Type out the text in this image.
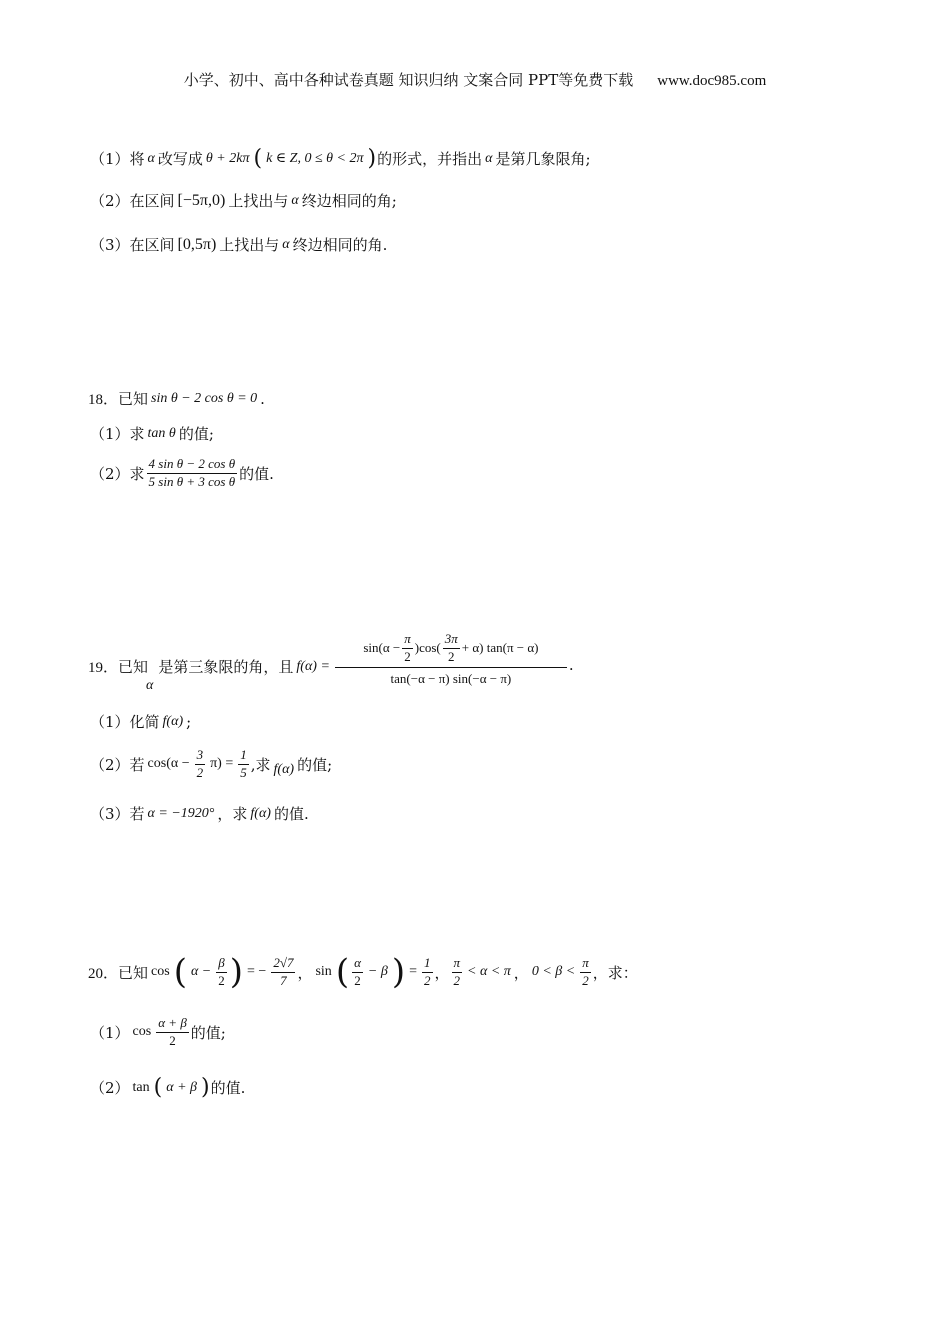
小学、初中、高中各种试卷真题 知识归纳 文案合同 PPT等免费下载 www.doc985.com
（1）将 α 改写成 θ + 2kπ ( k ∈ Z, 0 ≤ θ < 2π ) 的形式，并指出 α 是第几象限角;
（2）在区间 [−5π,0) 上找出与 α 终边相同的角;
（3）在区间 [0,5π) 上找出与 α 终边相同的角.
18．已知 sin θ − 2 cos θ = 0 .
（1）求 tan θ 的值;
（2）求 $\frac{\text{4 sin θ − 2 cos θ}}{\text{5 sin θ + 3 cos θ}}$ 的值.
19．已知
α
是第三象限的角，且 $f(\alpha) = \frac{\sin(\alpha - \frac{\pi}{2} )\cos( \frac{3\pi}{2} + \alpha) \tan(\pi - \alpha)}{\tan(-\alpha - \pi) \sin(-\alpha - \pi)}$ .
（1）化简 f(α) ;
（2）若 $\cos(\alpha - \frac{3}{2} \pi) = \frac{1}{5}$ ,求 f(α) 的值;
（3）若 α = −1920° ，求 f(α) 的值.
20．已知 cos ( $\alpha - \frac{\beta}{2}$ ) = − $\frac{2√7}{7}$ ， sin ( $\frac{\alpha}{2} - \beta$ ) = $\frac{1}{2}$ ， $\frac{\pi}{2} < \alpha < \pi$ ， $0 < \beta < \frac{\pi}{2}$ ，求：
（1） $\cos \frac{\alpha + \beta}{2}$ 的值;
（2） tan ( α + β ) 的值.
